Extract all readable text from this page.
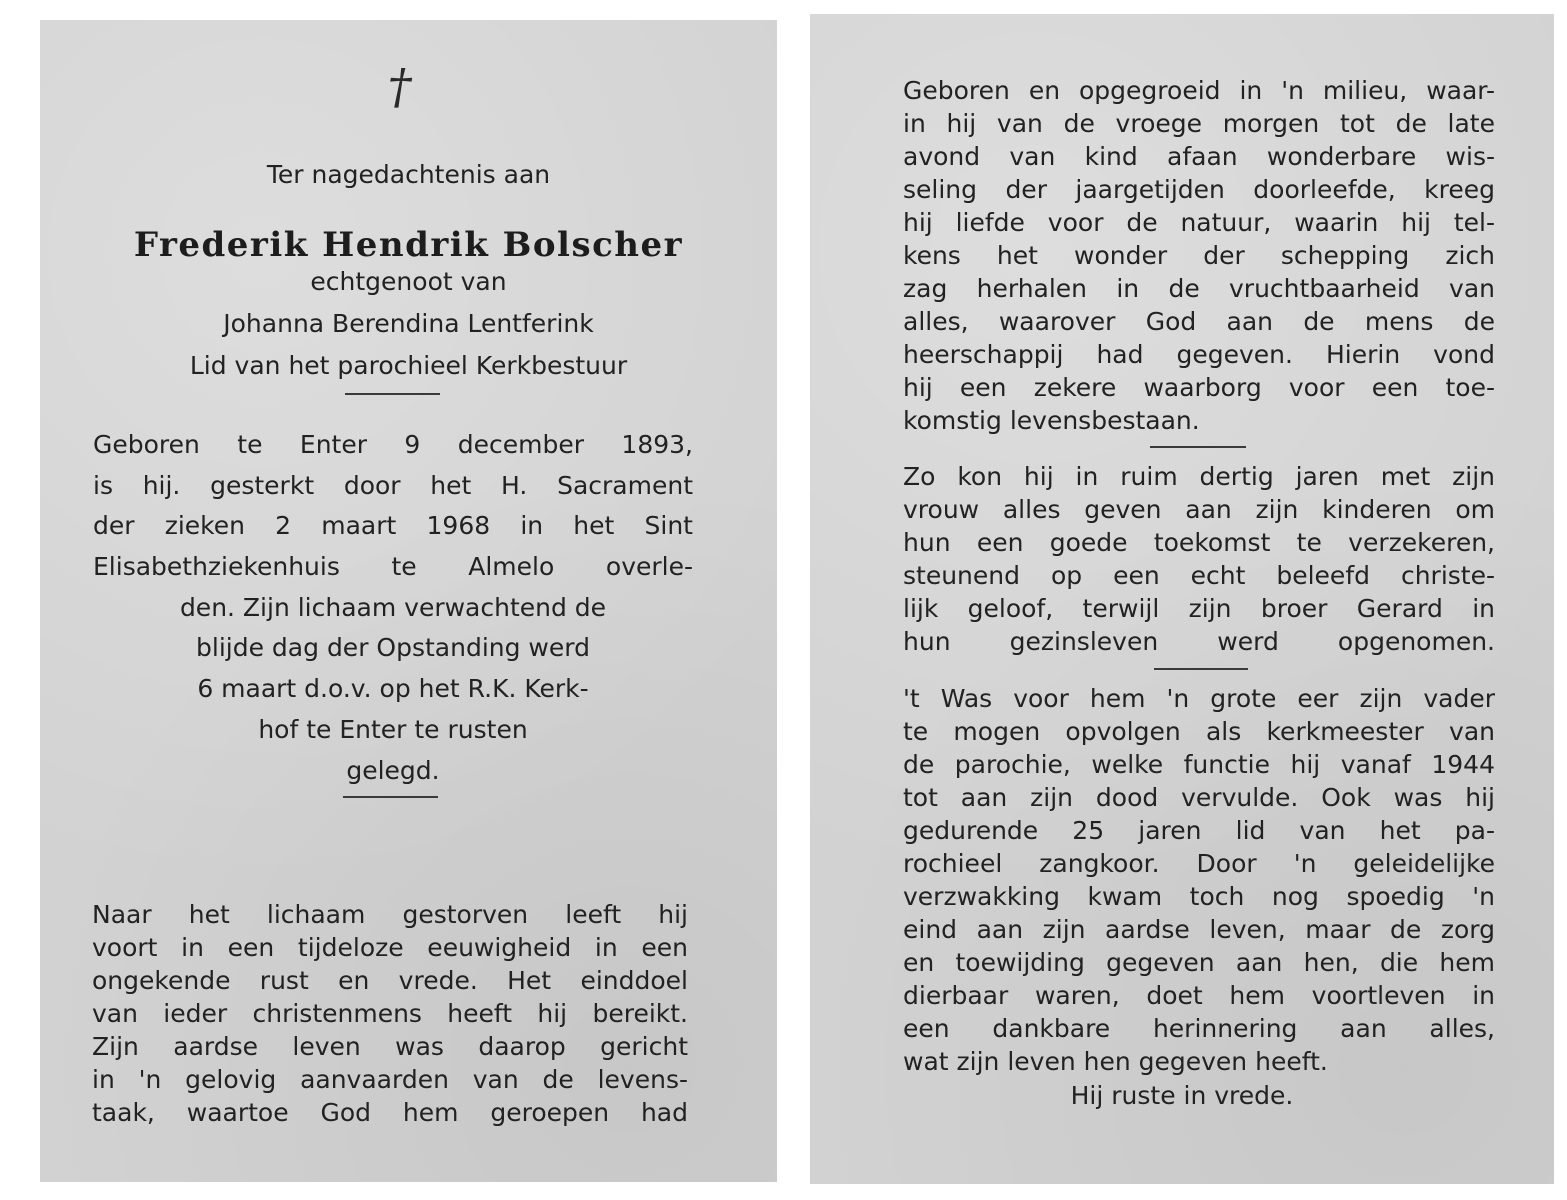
†
Ter nagedachtenis aan
Frederik Hendrik Bolscher
echtgenoot van
Johanna Berendina Lentferink
Lid van het parochieel Kerkbestuur
Geboren te Enter 9 december 1893,
is hij. gesterkt door het H. Sacrament
der zieken 2 maart 1968 in het Sint
Elisabethziekenhuis te Almelo overle-
den. Zijn lichaam verwachtend de
blijde dag der Opstanding werd
6 maart d.o.v. op het R.K. Kerk-
hof te Enter te rusten
gelegd.
Naar het lichaam gestorven leeft hij
voort in een tijdeloze eeuwigheid in een
ongekende rust en vrede. Het einddoel
van ieder christenmens heeft hij bereikt.
Zijn aardse leven was daarop gericht
in 'n gelovig aanvaarden van de levens-
taak, waartoe God hem geroepen had
Geboren en opgegroeid in 'n milieu, waar-
in hij van de vroege morgen tot de late
avond van kind afaan wonderbare wis-
seling der jaargetijden doorleefde, kreeg
hij liefde voor de natuur, waarin hij tel-
kens het wonder der schepping zich
zag herhalen in de vruchtbaarheid van
alles, waarover God aan de mens de
heerschappij had gegeven. Hierin vond
hij een zekere waarborg voor een toe-
komstig levensbestaan.
Zo kon hij in ruim dertig jaren met zijn
vrouw alles geven aan zijn kinderen om
hun een goede toekomst te verzekeren,
steunend op een echt beleefd christe-
lijk geloof, terwijl zijn broer Gerard in
hun gezinsleven werd opgenomen.
't Was voor hem 'n grote eer zijn vader
te mogen opvolgen als kerkmeester van
de parochie, welke functie hij vanaf 1944
tot aan zijn dood vervulde. Ook was hij
gedurende 25 jaren lid van het pa-
rochieel zangkoor. Door 'n geleidelijke
verzwakking kwam toch nog spoedig 'n
eind aan zijn aardse leven, maar de zorg
en toewijding gegeven aan hen, die hem
dierbaar waren, doet hem voortleven in
een dankbare herinnering aan alles,
wat zijn leven hen gegeven heeft.
Hij ruste in vrede.
